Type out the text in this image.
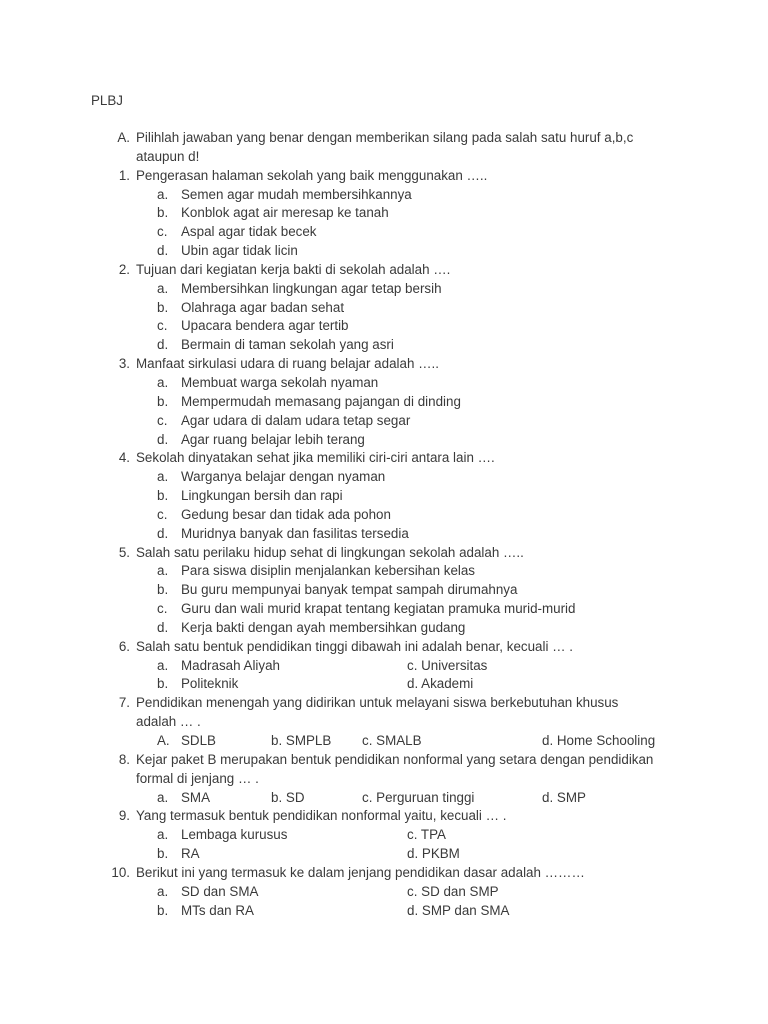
PLBJ
A. Pilihlah jawaban yang benar dengan memberikan silang pada salah satu huruf a,b,c
ataupun d!
1. Pengerasan halaman sekolah yang baik menggunakan …..
a. Semen agar mudah membersihkannya
b. Konblok agat air meresap ke tanah
c. Aspal agar tidak becek
d. Ubin agar tidak licin
2. Tujuan dari kegiatan kerja bakti di sekolah adalah ….
a. Membersihkan lingkungan agar tetap bersih
b. Olahraga agar badan sehat
c. Upacara bendera agar tertib
d. Bermain di taman sekolah yang asri
3. Manfaat sirkulasi udara di ruang belajar adalah …..
a. Membuat warga sekolah nyaman
b. Mempermudah memasang pajangan di dinding
c. Agar udara di dalam udara tetap segar
d. Agar ruang belajar lebih terang
4. Sekolah dinyatakan sehat jika memiliki ciri-ciri antara lain ….
a. Warganya belajar dengan nyaman
b. Lingkungan bersih dan rapi
c. Gedung besar dan tidak ada pohon
d. Muridnya banyak dan fasilitas tersedia
5. Salah satu perilaku hidup sehat di lingkungan sekolah adalah …..
a. Para siswa disiplin menjalankan kebersihan kelas
b. Bu guru mempunyai banyak tempat sampah dirumahnya
c. Guru dan wali murid krapat tentang kegiatan pramuka murid-murid
d. Kerja bakti dengan ayah membersihkan gudang
6. Salah satu bentuk pendidikan tinggi dibawah ini adalah benar, kecuali … .
a. Madrasah Aliyah	c. Universitas
b. Politeknik	d. Akademi
7. Pendidikan menengah yang didirikan untuk melayani siswa berkebutuhan khusus
adalah … .
A. SDLB	b. SMPLB c. SMALB	d. Home Schooling
8. Kejar paket B merupakan bentuk pendidikan nonformal yang setara dengan pendidikan
formal di jenjang … .
a. SMA	b. SD	c. Perguruan tinggi	d. SMP
9. Yang termasuk bentuk pendidikan nonformal yaitu, kecuali … .
a. Lembaga kurusus	c. TPA
b. RA	d. PKBM
10. Berikut ini yang termasuk ke dalam jenjang pendidikan dasar adalah ………
a. SD dan SMA	c. SD dan SMP
b. MTs dan RA	d. SMP dan SMA
